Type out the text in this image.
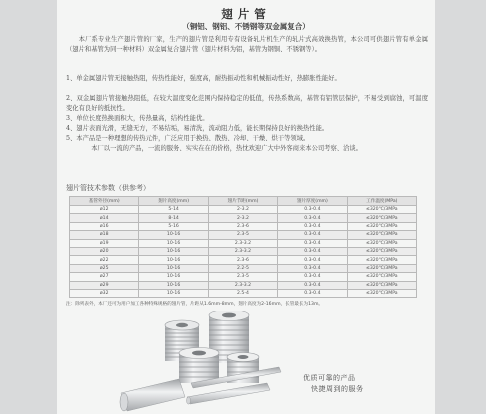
翅片管
（铜铝、钢铝、不锈钢等双金属复合）

本厂系专业生产翅片管的厂家，生产的翅片管是利用专有设备轧片机生产的轧片式高效换热管，本公司可供翅片管有单金属（翅片和基管为同一种材料）双金属复合翅片管（翅片材料为铝，基管为钢铜、不锈钢等）。

1、单金属翅片管无接触热阻，传热性能好，强度高，耐热振动性和机械振动性好，热膨胀性能好。

2、双金属翅片管接触热阻低，在较大温度变化范围内保持稳定的低值，传热系数高，基管有铝管层保护，不易受到腐蚀，可温度变化有良好的抵抗性。

3、单位长度热换面积大，传热量高，结构性能优。

4、翅片表面光滑，无缝无方，不易结垢，易清洗，流动阻力低，能长期保持良好的换热性能。

5、本产品是一种理想的传热元件，广泛应用于换热、散热、冷却、干燥、烘干等领域。

本厂以一流的产品，一流的服务、实实在在的价格，热忱欢迎广大中外客商来本公司考察、洽谈。

翅片管技术参数（供参考）
基管外径(mm)	翅片高度(mm)	翅片节距(mm)	翅片厚度(mm)	工作温度(MPa)
ø12	5-14	2-3.2	0.3-0.4	≤320℃/3MPa
ø14	8-14	2-3.2	0.3-0.4	≤320℃/3MPa
ø16	5-16	2.3-6	0.3-0.4	≤320℃/3MPa
ø18	10-16	2.3-5	0.3-0.4	≤320℃/3MPa
ø19	10-16	2.3-3.2	0.3-0.4	≤320℃/3MPa
ø20	10-16	2.3-3.2	0.3-0.4	≤320℃/3MPa
ø22	10-16	2.3-6	0.3-0.4	≤320℃/3MPa
ø25	10-16	2.2-5	0.3-0.4	≤320℃/3MPa
ø27	10-16	2.3-5	0.3-0.4	≤320℃/3MPa
ø29	10-16	2.3-3.2	0.3-0.4	≤320℃/3MPa
ø32	10-16	2.5-4	0.3-0.4	≤320℃/3MPa
注：除列表外，本厂还可为用户加工各种特殊规格的翅片管，片距从1.6mm-8mm，翅片高度为2-16mm，长管最长为13m。
优质可靠的产品
快捷周到的服务
